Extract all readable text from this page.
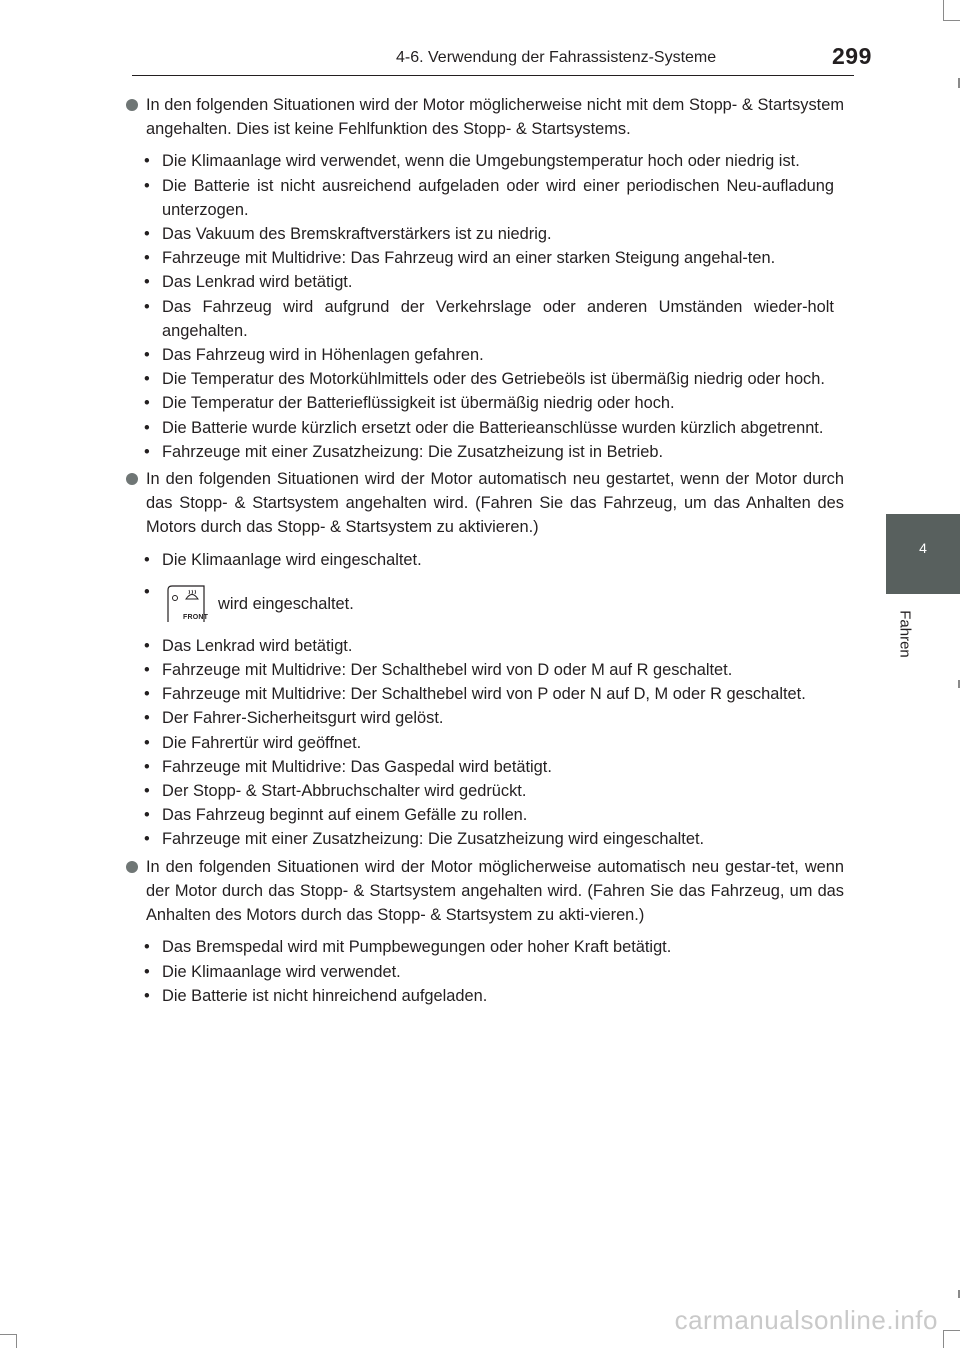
4-6. Verwendung der Fahrassistenz-Systeme	299
4
Fahren
In den folgenden Situationen wird der Motor möglicherweise nicht mit dem Stopp- & Startsystem angehalten. Dies ist keine Fehlfunktion des Stopp- & Startsystems.
• Die Klimaanlage wird verwendet, wenn die Umgebungstemperatur hoch oder niedrig ist.
• Die Batterie ist nicht ausreichend aufgeladen oder wird einer periodischen Neu-aufladung unterzogen.
• Das Vakuum des Bremskraftverstärkers ist zu niedrig.
• Fahrzeuge mit Multidrive: Das Fahrzeug wird an einer starken Steigung angehal-ten.
• Das Lenkrad wird betätigt.
• Das Fahrzeug wird aufgrund der Verkehrslage oder anderen Umständen wieder-holt angehalten.
• Das Fahrzeug wird in Höhenlagen gefahren.
• Die Temperatur des Motorkühlmittels oder des Getriebeöls ist übermäßig niedrig oder hoch.
• Die Temperatur der Batterieflüssigkeit ist übermäßig niedrig oder hoch.
• Die Batterie wurde kürzlich ersetzt oder die Batterieanschlüsse wurden kürzlich abgetrennt.
• Fahrzeuge mit einer Zusatzheizung: Die Zusatzheizung ist in Betrieb.
In den folgenden Situationen wird der Motor automatisch neu gestartet, wenn der Motor durch das Stopp- & Startsystem angehalten wird. (Fahren Sie das Fahrzeug, um das Anhalten des Motors durch das Stopp- & Startsystem zu aktivieren.)
• Die Klimaanlage wird eingeschaltet.
•
FRONT
wird eingeschaltet.
• Das Lenkrad wird betätigt.
• Fahrzeuge mit Multidrive: Der Schalthebel wird von D oder M auf R geschaltet.
• Fahrzeuge mit Multidrive: Der Schalthebel wird von P oder N auf D, M oder R geschaltet.
• Der Fahrer-Sicherheitsgurt wird gelöst.
• Die Fahrertür wird geöffnet.
• Fahrzeuge mit Multidrive: Das Gaspedal wird betätigt.
• Der Stopp- & Start-Abbruchschalter wird gedrückt.
• Das Fahrzeug beginnt auf einem Gefälle zu rollen.
• Fahrzeuge mit einer Zusatzheizung: Die Zusatzheizung wird eingeschaltet.
In den folgenden Situationen wird der Motor möglicherweise automatisch neu gestar-tet, wenn der Motor durch das Stopp- & Startsystem angehalten wird. (Fahren Sie das Fahrzeug, um das Anhalten des Motors durch das Stopp- & Startsystem zu akti-vieren.)
• Das Bremspedal wird mit Pumpbewegungen oder hoher Kraft betätigt.
• Die Klimaanlage wird verwendet.
• Die Batterie ist nicht hinreichend aufgeladen.
carmanualsonline.info
